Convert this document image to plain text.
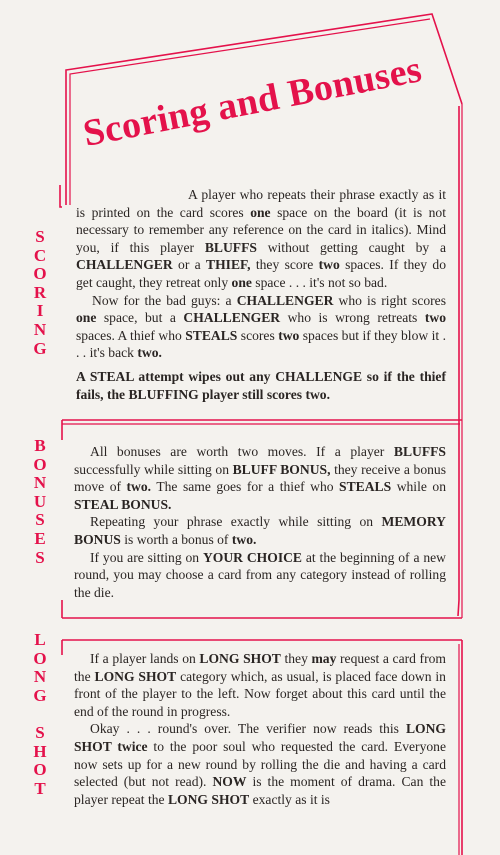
Scoring and Bonuses
S
C
O
R
I
N
G
B
O
N
U
S
E
S
L
O
N
G
S
H
O
T

A player who repeats their phrase exactly as it is printed on the card scores one space on the board (it is not necessary to remember any reference on the card in italics). Mind you, if this player BLUFFS without getting caught by a CHALLENGER or a THIEF, they score two spaces. If they do get caught, they retreat only one space . . . it's not so bad.

Now for the bad guys: a CHALLENGER who is right scores one space, but a CHALLENGER who is wrong retreats two spaces. A thief who STEALS scores two spaces but if they blow it . . . it's back two.

A STEAL attempt wipes out any CHALLENGE so if the thief fails, the BLUFFING player still scores two.

All bonuses are worth two moves. If a player BLUFFS successfully while sitting on BLUFF BONUS, they receive a bonus move of two. The same goes for a thief who STEALS while on STEAL BONUS.

Repeating your phrase exactly while sitting on MEMORY BONUS is worth a bonus of two.

If you are sitting on YOUR CHOICE at the beginning of a new round, you may choose a card from any category instead of rolling the die.

If a player lands on LONG SHOT they may request a card from the LONG SHOT category which, as usual, is placed face down in front of the player to the left. Now forget about this card until the end of the round in progress.

Okay . . . round's over. The verifier now reads this LONG SHOT twice to the poor soul who requested the card. Everyone now sets up for a new round by rolling the die and having a card selected (but not read). NOW is the moment of drama. Can the player repeat the LONG SHOT exactly as it is
